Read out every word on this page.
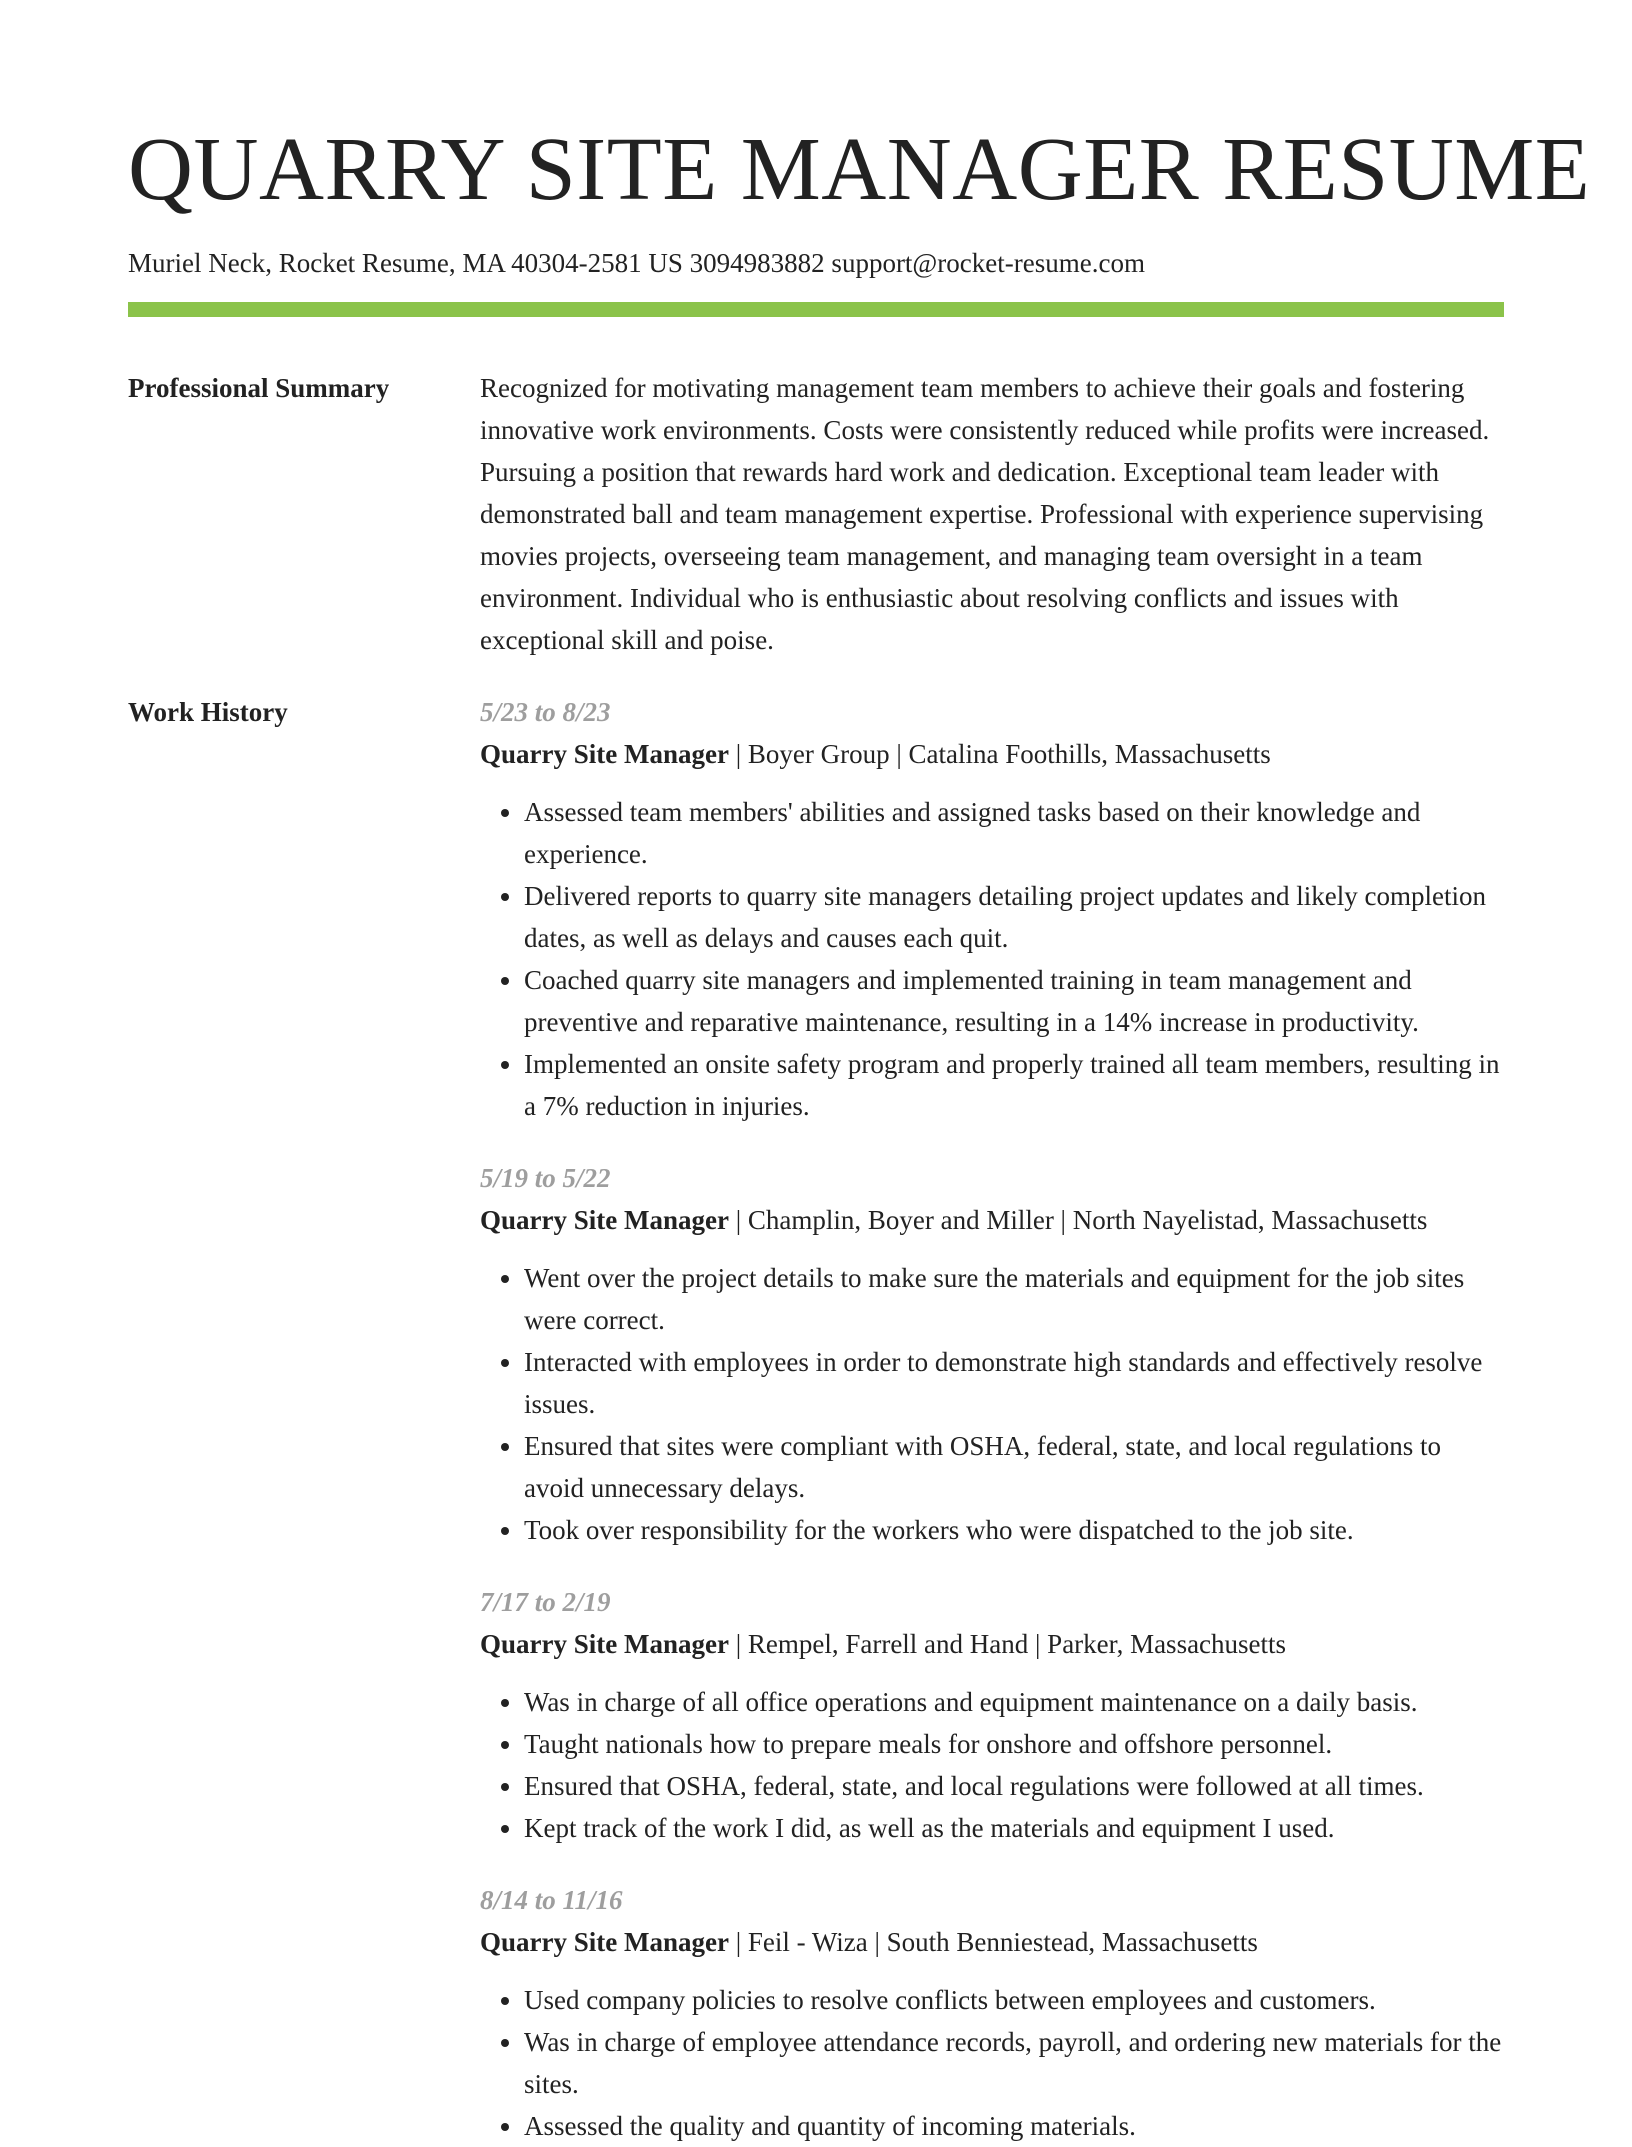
QUARRY SITE MANAGER RESUME
Muriel Neck, Rocket Resume, MA 40304-2581 US 3094983882 support@rocket-resume.com
Professional Summary	Recognized for motivating management team members to achieve their goals and fostering innovative work environments. Costs were consistently reduced while profits were increased. Pursuing a position that rewards hard work and dedication. Exceptional team leader with demonstrated ball and team management expertise. Professional with experience supervising movies projects, overseeing team management, and managing team oversight in a team environment. Individual who is enthusiastic about resolving conflicts and issues with exceptional skill and poise.

Work History	5/23 to 8/23
Quarry Site Manager | Boyer Group | Catalina Foothills, Massachusetts
• Assessed team members' abilities and assigned tasks based on their knowledge and experience.
• Delivered reports to quarry site managers detailing project updates and likely completion dates, as well as delays and causes each quit.
• Coached quarry site managers and implemented training in team management and preventive and reparative maintenance, resulting in a 14% increase in productivity.
• Implemented an onsite safety program and properly trained all team members, resulting in a 7% reduction in injuries.
5/19 to 5/22
Quarry Site Manager | Champlin, Boyer and Miller | North Nayelistad, Massachusetts
• Went over the project details to make sure the materials and equipment for the job sites were correct.
• Interacted with employees in order to demonstrate high standards and effectively resolve issues.
• Ensured that sites were compliant with OSHA, federal, state, and local regulations to avoid unnecessary delays.
• Took over responsibility for the workers who were dispatched to the job site.
7/17 to 2/19
Quarry Site Manager | Rempel, Farrell and Hand | Parker, Massachusetts
• Was in charge of all office operations and equipment maintenance on a daily basis.
• Taught nationals how to prepare meals for onshore and offshore personnel.
• Ensured that OSHA, federal, state, and local regulations were followed at all times.
• Kept track of the work I did, as well as the materials and equipment I used.
8/14 to 11/16
Quarry Site Manager | Feil - Wiza | South Benniestead, Massachusetts
• Used company policies to resolve conflicts between employees and customers.
• Was in charge of employee attendance records, payroll, and ordering new materials for the sites.
• Assessed the quality and quantity of incoming materials.
